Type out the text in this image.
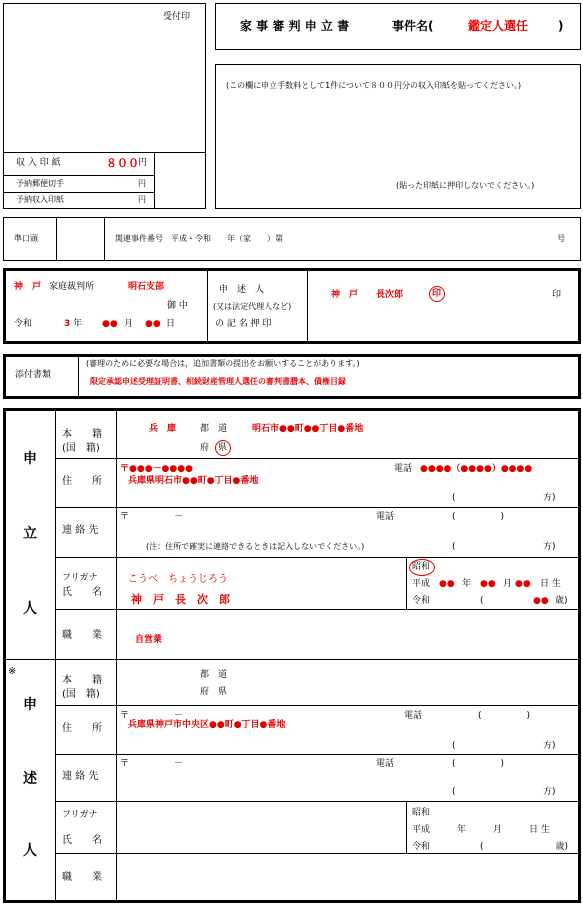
受付印
収 入 印 紙	８００ 円
予納郵便切手	円
予納収入印紙	円
家 事 審 判 申 立 書	事件名(	鑑定人選任 )
(この欄に申立手数料として1件について８００円分の収入印紙を貼ってください。)
(貼った印紙に押印しないでください。)
準口頭	関連事件番号　平成・令和　　年（家　　）第	号
神　戸 家庭裁判所	明石支部
御 中
令和	3 年 ●● 月 ●● 日
申　述　人
(又は法定代理人など)
の 記 名 押 印
神　戸　　長次郎	印	印
添付書類
(審理のために必要な場合は，追加書類の提出をお願いすることがあります。)
限定承認申述受理証明書、相続財産管理人選任の審判書謄本、債権目録
申
立
人
本　　籍
(国　籍)
兵　庫	都　道	明石市●●町●●丁目●番地
府 県
住　　所
〒●●●－●●●●
兵庫県明石市●●町●丁目●番地
電話 ●●●●（●●●●）●●●●
(	方)
連 絡 先
〒　　　　　－	電話	(　　　　　)
(注：住所で確実に連絡できるときは記入しないでください。)	(	方)
フリガナ
氏　　名
こうべ　ちょうじろう
神　戸　長　次　郎
昭和
平成 ●● 年 ●● 月 ●● 日 生
令和	(	●● 歳)
職　　業	自営業
※
申
述
人
本　　籍
(国　籍)
都　道
府　県
住　　所
〒　　　　　－
兵庫県神戸市中央区●●町●丁目●番地
電話	(　　　　　)
(	方)
連 絡 先
〒　　　　　－	電話	(　　　　　)
(	方)
フリガナ
氏　　名
昭和
平成　　　年　　　月　　　日 生
令和	(　　　　　　　　歳)
職　　業
